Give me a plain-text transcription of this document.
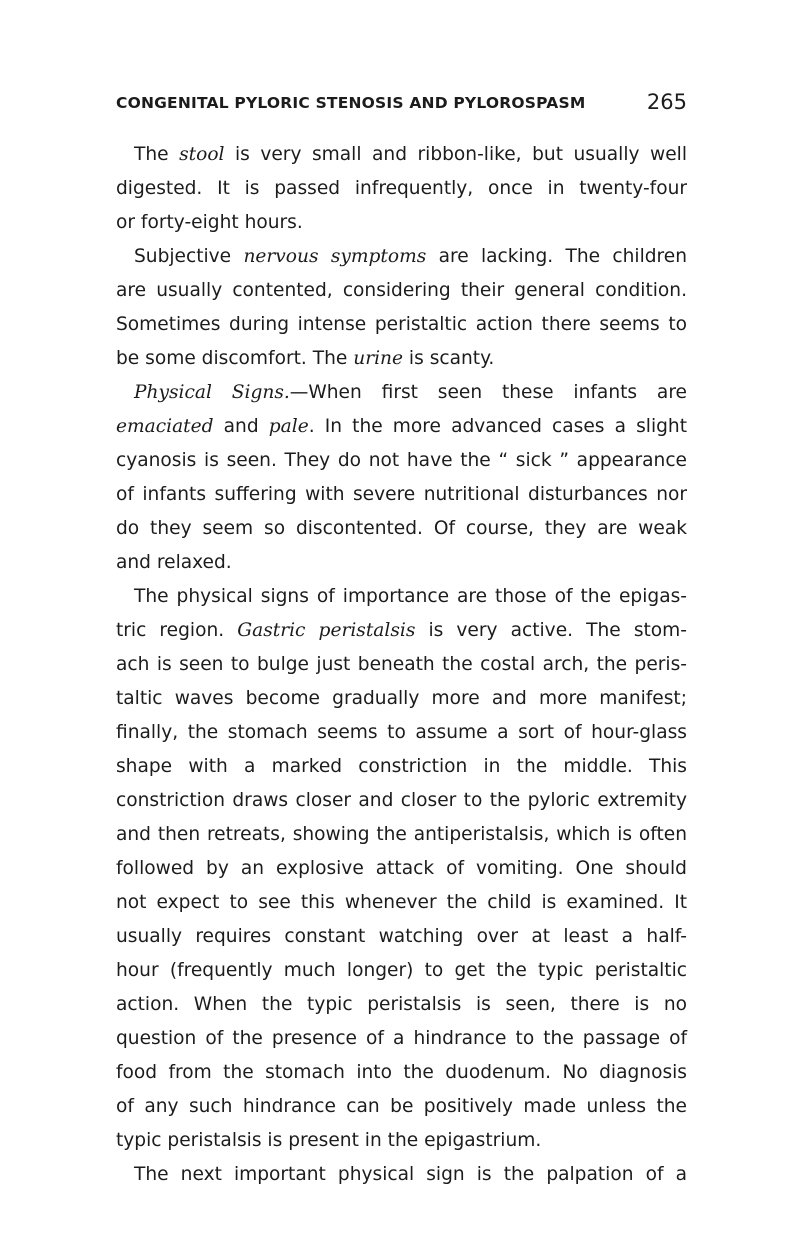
CONGENITAL PYLORIC STENOSIS AND PYLOROSPASM	265
The stool is very small and ribbon-like, but usually well
digested. It is passed infrequently, once in twenty-four
or forty-eight hours.
Subjective nervous symptoms are lacking. The children
are usually contented, considering their general condition.
Sometimes during intense peristaltic action there seems to
be some discomfort. The urine is scanty.
Physical Signs.—When first seen these infants are
emaciated and pale. In the more advanced cases a slight
cyanosis is seen. They do not have the “ sick ” appearance
of infants suffering with severe nutritional disturbances nor
do they seem so discontented. Of course, they are weak
and relaxed.
The physical signs of importance are those of the epigas-
tric region. Gastric peristalsis is very active. The stom-
ach is seen to bulge just beneath the costal arch, the peris-
taltic waves become gradually more and more manifest;
finally, the stomach seems to assume a sort of hour-glass
shape with a marked constriction in the middle. This
constriction draws closer and closer to the pyloric extremity
and then retreats, showing the antiperistalsis, which is often
followed by an explosive attack of vomiting. One should
not expect to see this whenever the child is examined. It
usually requires constant watching over at least a half-
hour (frequently much longer) to get the typic peristaltic
action. When the typic peristalsis is seen, there is no
question of the presence of a hindrance to the passage of
food from the stomach into the duodenum. No diagnosis
of any such hindrance can be positively made unless the
typic peristalsis is present in the epigastrium.
The next important physical sign is the palpation of a
